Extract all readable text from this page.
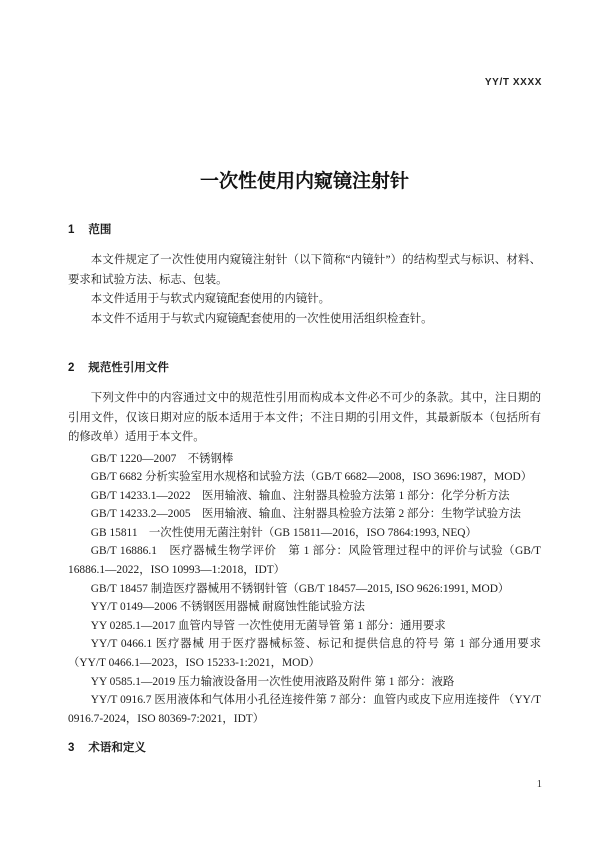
YY/T XXXX
一次性使用内窥镜注射针
1 范围

本文件规定了一次性使用内窥镜注射针（以下简称“内镜针”）的结构型式与标识、材料、要求和试验方法、标志、包装。

本文件适用于与软式内窥镜配套使用的内镜针。

本文件不适用于与软式内窥镜配套使用的一次性使用活组织检查针。

2 规范性引用文件

下列文件中的内容通过文中的规范性引用而构成本文件必不可少的条款。其中，注日期的引用文件，仅该日期对应的版本适用于本文件；不注日期的引用文件，其最新版本（包括所有的修改单）适用于本文件。

GB/T 1220—2007　不锈钢棒

GB/T 6682 分析实验室用水规格和试验方法（GB/T 6682—2008，ISO 3696:1987，MOD）

GB/T 14233.1—2022　医用输液、输血、注射器具检验方法第 1 部分：化学分析方法

GB/T 14233.2—2005　医用输液、输血、注射器具检验方法第 2 部分：生物学试验方法

GB 15811　一次性使用无菌注射针（GB 15811—2016，ISO 7864:1993, NEQ）

GB/T 16886.1　医疗器械生物学评价　第 1 部分：风险管理过程中的评价与试验（GB/T 16886.1—2022，ISO 10993—1:2018，IDT）

GB/T 18457 制造医疗器械用不锈钢针管（GB/T 18457—2015, ISO 9626:1991, MOD）

YY/T 0149—2006 不锈钢医用器械 耐腐蚀性能试验方法

YY 0285.1—2017 血管内导管 一次性使用无菌导管 第 1 部分：通用要求

YY/T 0466.1 医疗器械 用于医疗器械标签、标记和提供信息的符号 第 1 部分通用要求（YY/T 0466.1—2023，ISO 15233-1:2021，MOD）

YY 0585.1—2019 压力输液设备用一次性使用液路及附件 第 1 部分：液路

YY/T 0916.7 医用液体和气体用小孔径连接件第 7 部分：血管内或皮下应用连接件 （YY/T 0916.7-2024，ISO 80369-7:2021，IDT）

3 术语和定义
1
